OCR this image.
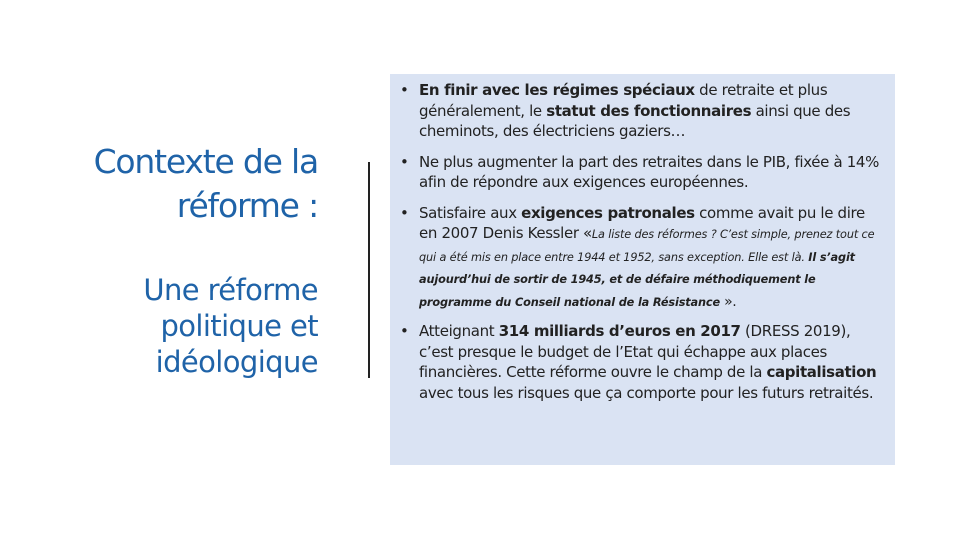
Contexte de la
réforme :
Une réforme
politique et
idéologique
• En finir avec les régimes spéciaux de retraite et plus généralement, le statut des fonctionnaires ainsi que des cheminots, des électriciens gaziers…
• Ne plus augmenter la part des retraites dans le PIB, fixée à 14% afin de répondre aux exigences européennes.
• Satisfaire aux exigences patronales comme avait pu le dire en 2007 Denis Kessler «La liste des réformes ? C’est simple, prenez tout ce qui a été mis en place entre 1944 et 1952, sans exception. Elle est là. Il s’agit aujourd’hui de sortir de 1945, et de défaire méthodiquement le programme du Conseil national de la Résistance ».
• Atteignant 314 milliards d’euros en 2017 (DRESS 2019), c’est presque le budget de l’Etat qui échappe aux places financières. Cette réforme ouvre le champ de la capitalisation avec tous les risques que ça comporte pour les futurs retraités.
